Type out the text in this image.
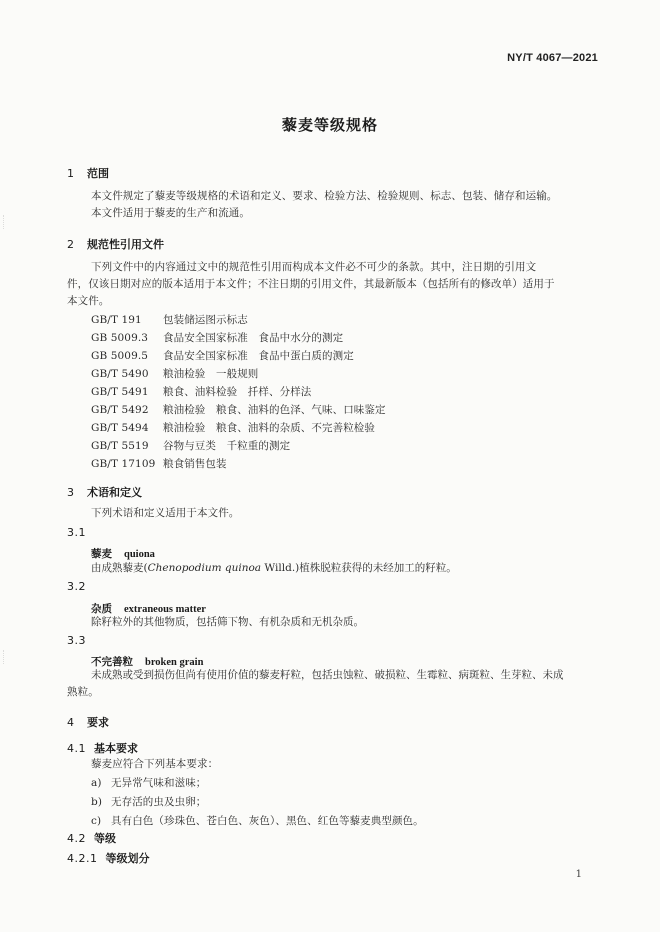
NY/T 4067—2021
藜麦等级规格
1 范围
本文件规定了藜麦等级规格的术语和定义、要求、检验方法、检验规则、标志、包装、储存和运输。
本文件适用于藜麦的生产和流通。
2 规范性引用文件
下列文件中的内容通过文中的规范性引用而构成本文件必不可少的条款。其中，注日期的引用文
件，仅该日期对应的版本适用于本文件；不注日期的引用文件，其最新版本（包括所有的修改单）适用于
本文件。
GB/T 191 包装储运图示标志
GB 5009.3 食品安全国家标准　食品中水分的测定
GB 5009.5 食品安全国家标准　食品中蛋白质的测定
GB/T 5490 粮油检验　一般规则
GB/T 5491 粮食、油料检验　扦样、分样法
GB/T 5492 粮油检验　粮食、油料的色泽、气味、口味鉴定
GB/T 5494 粮油检验　粮食、油料的杂质、不完善粒检验
GB/T 5519 谷物与豆类　千粒重的测定
GB/T 17109 粮食销售包装
3 术语和定义
下列术语和定义适用于本文件。
3.1
藜麦 quiona
由成熟藜麦(Chenopodium quinoa Willd.)植株脱粒获得的未经加工的籽粒。
3.2
杂质 extraneous matter
除籽粒外的其他物质，包括筛下物、有机杂质和无机杂质。
3.3
不完善粒 broken grain
未成熟或受到损伤但尚有使用价值的藜麦籽粒，包括虫蚀粒、破损粒、生霉粒、病斑粒、生芽粒、未成
熟粒。
4 要求
4.1 基本要求
藜麦应符合下列基本要求：
a) 无异常气味和滋味；
b) 无存活的虫及虫卵；
c) 具有白色（珍珠色、苍白色、灰色）、黑色、红色等藜麦典型颜色。
4.2 等级
4.2.1 等级划分
1
